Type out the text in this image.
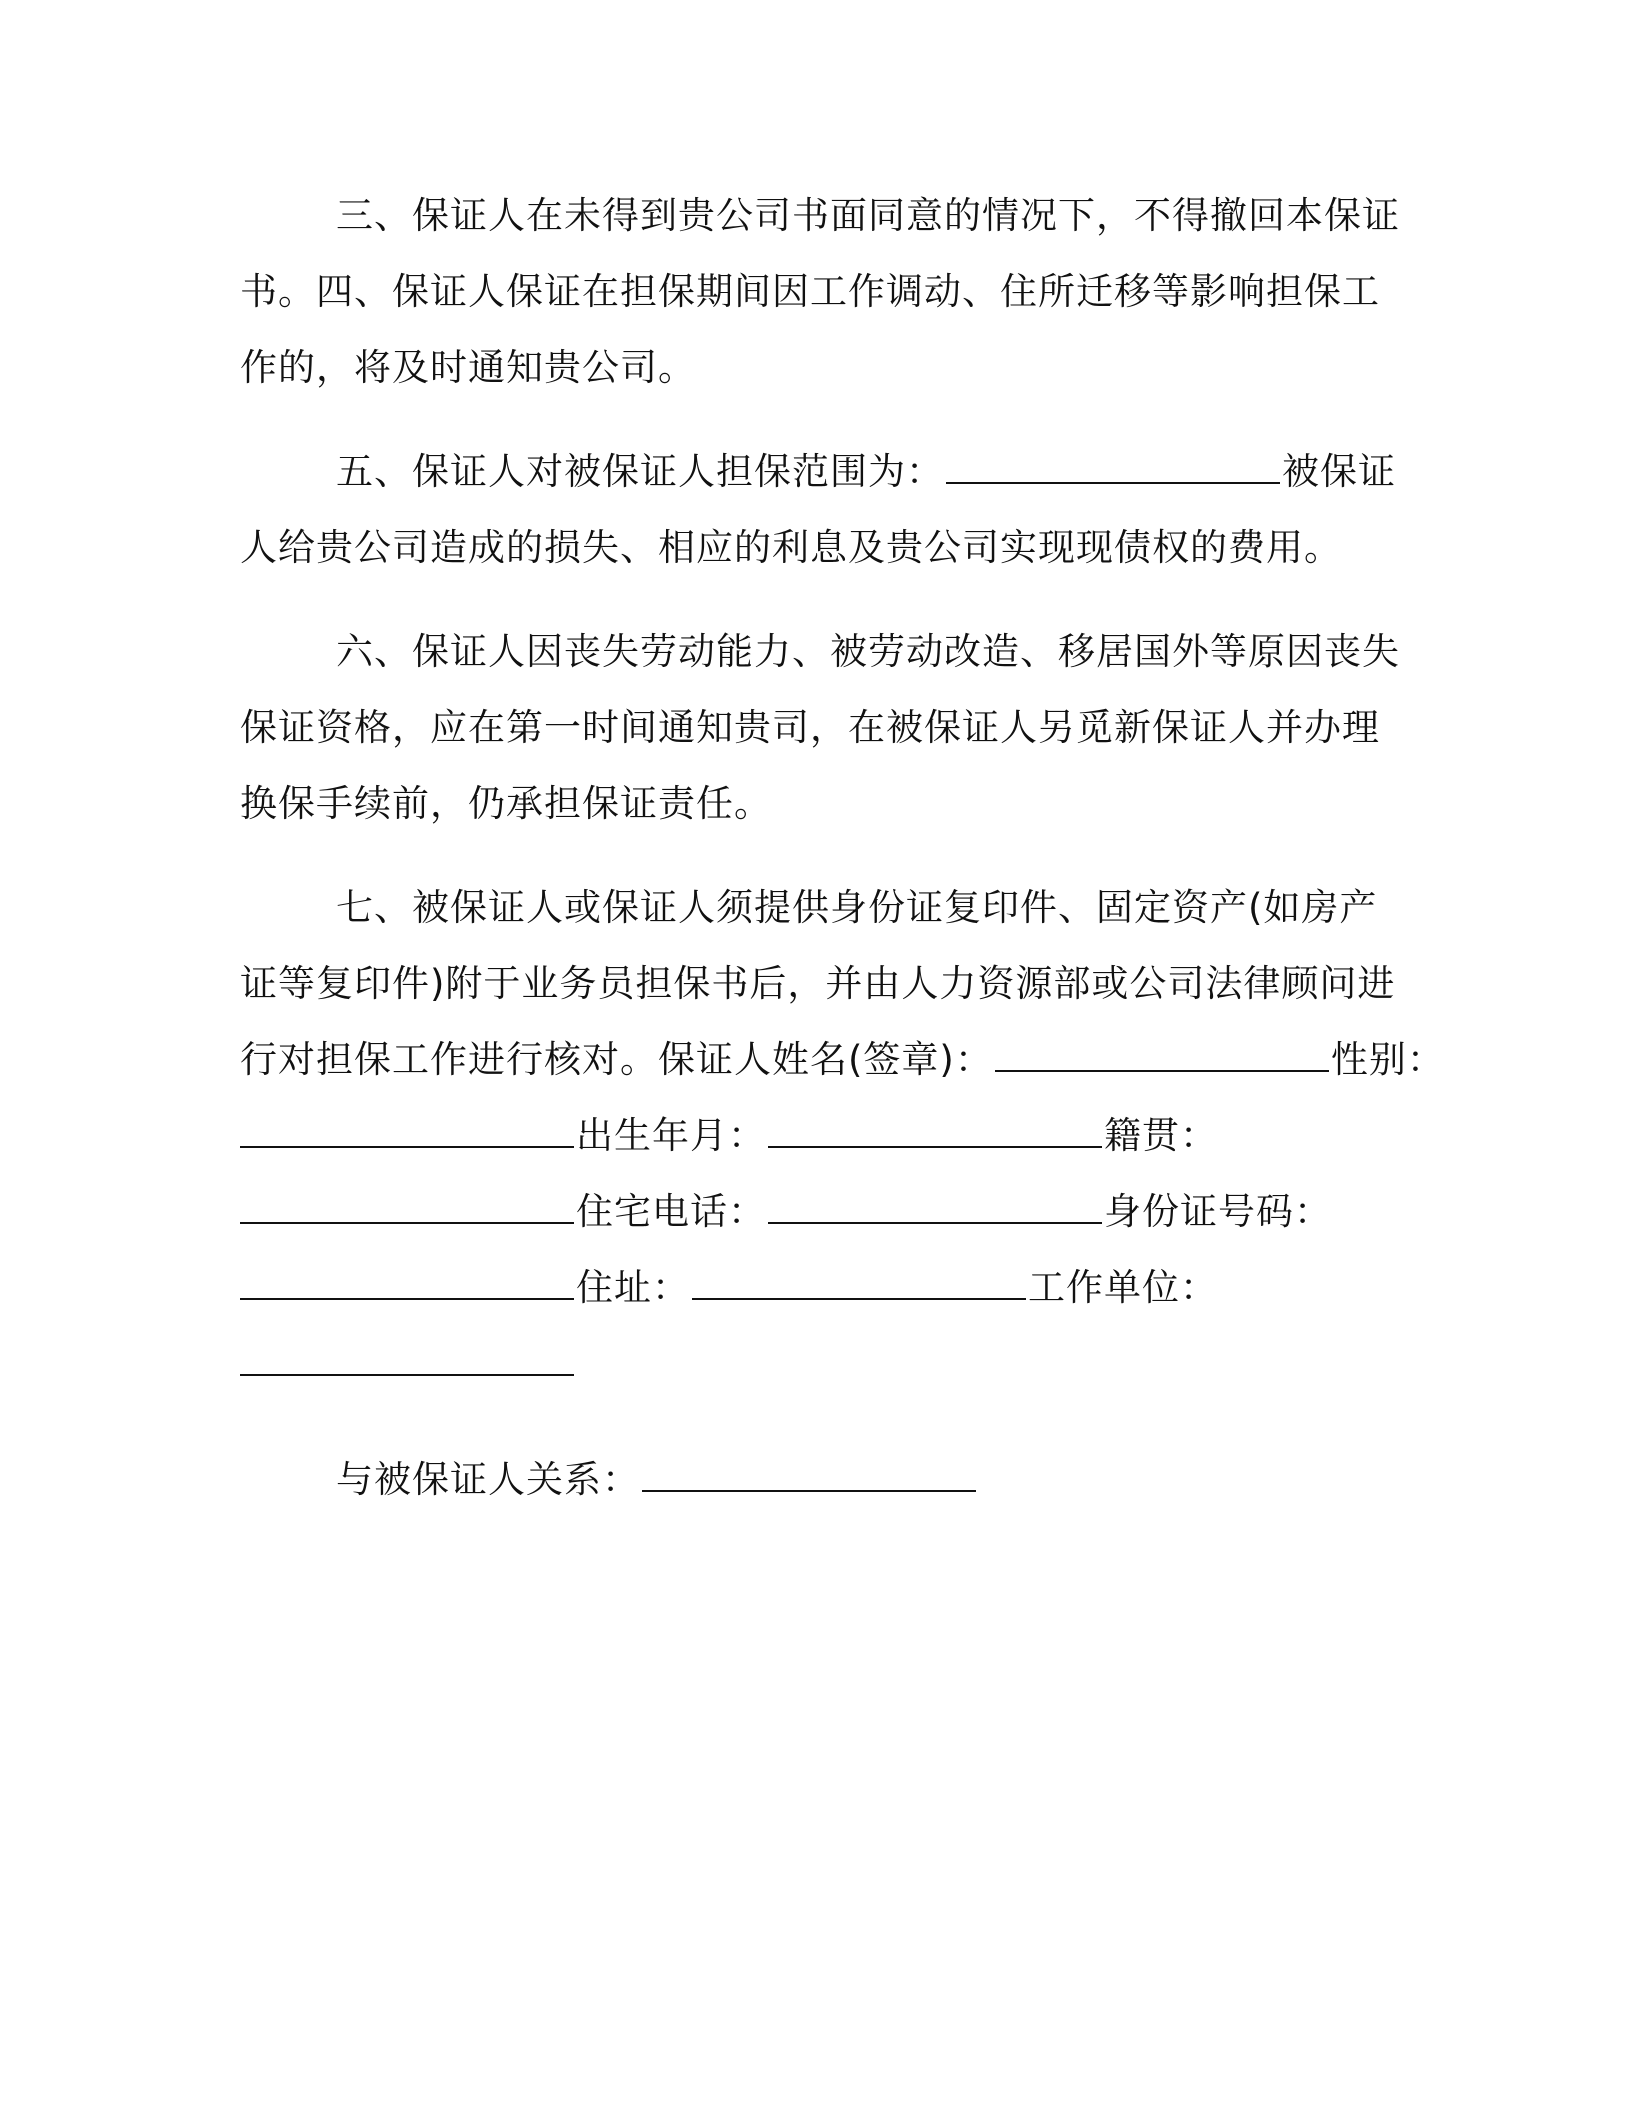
三、保证人在未得到贵公司书面同意的情况下，不得撤回本保证
书。四、保证人保证在担保期间因工作调动、住所迁移等影响担保工
作的，将及时通知贵公司。
五、保证人对被保证人担保范围为：	被保证
人给贵公司造成的损失、相应的利息及贵公司实现现债权的费用。
六、保证人因丧失劳动能力、被劳动改造、移居国外等原因丧失
保证资格，应在第一时间通知贵司，在被保证人另觅新保证人并办理
换保手续前，仍承担保证责任。
七、被保证人或保证人须提供身份证复印件、固定资产(如房产
证等复印件)附于业务员担保书后，并由人力资源部或公司法律顾问进
行对担保工作进行核对。保证人姓名(签章)：	性别：
出生年月：	籍贯：
住宅电话：	身份证号码：
住址：	工作单位：
与被保证人关系：
